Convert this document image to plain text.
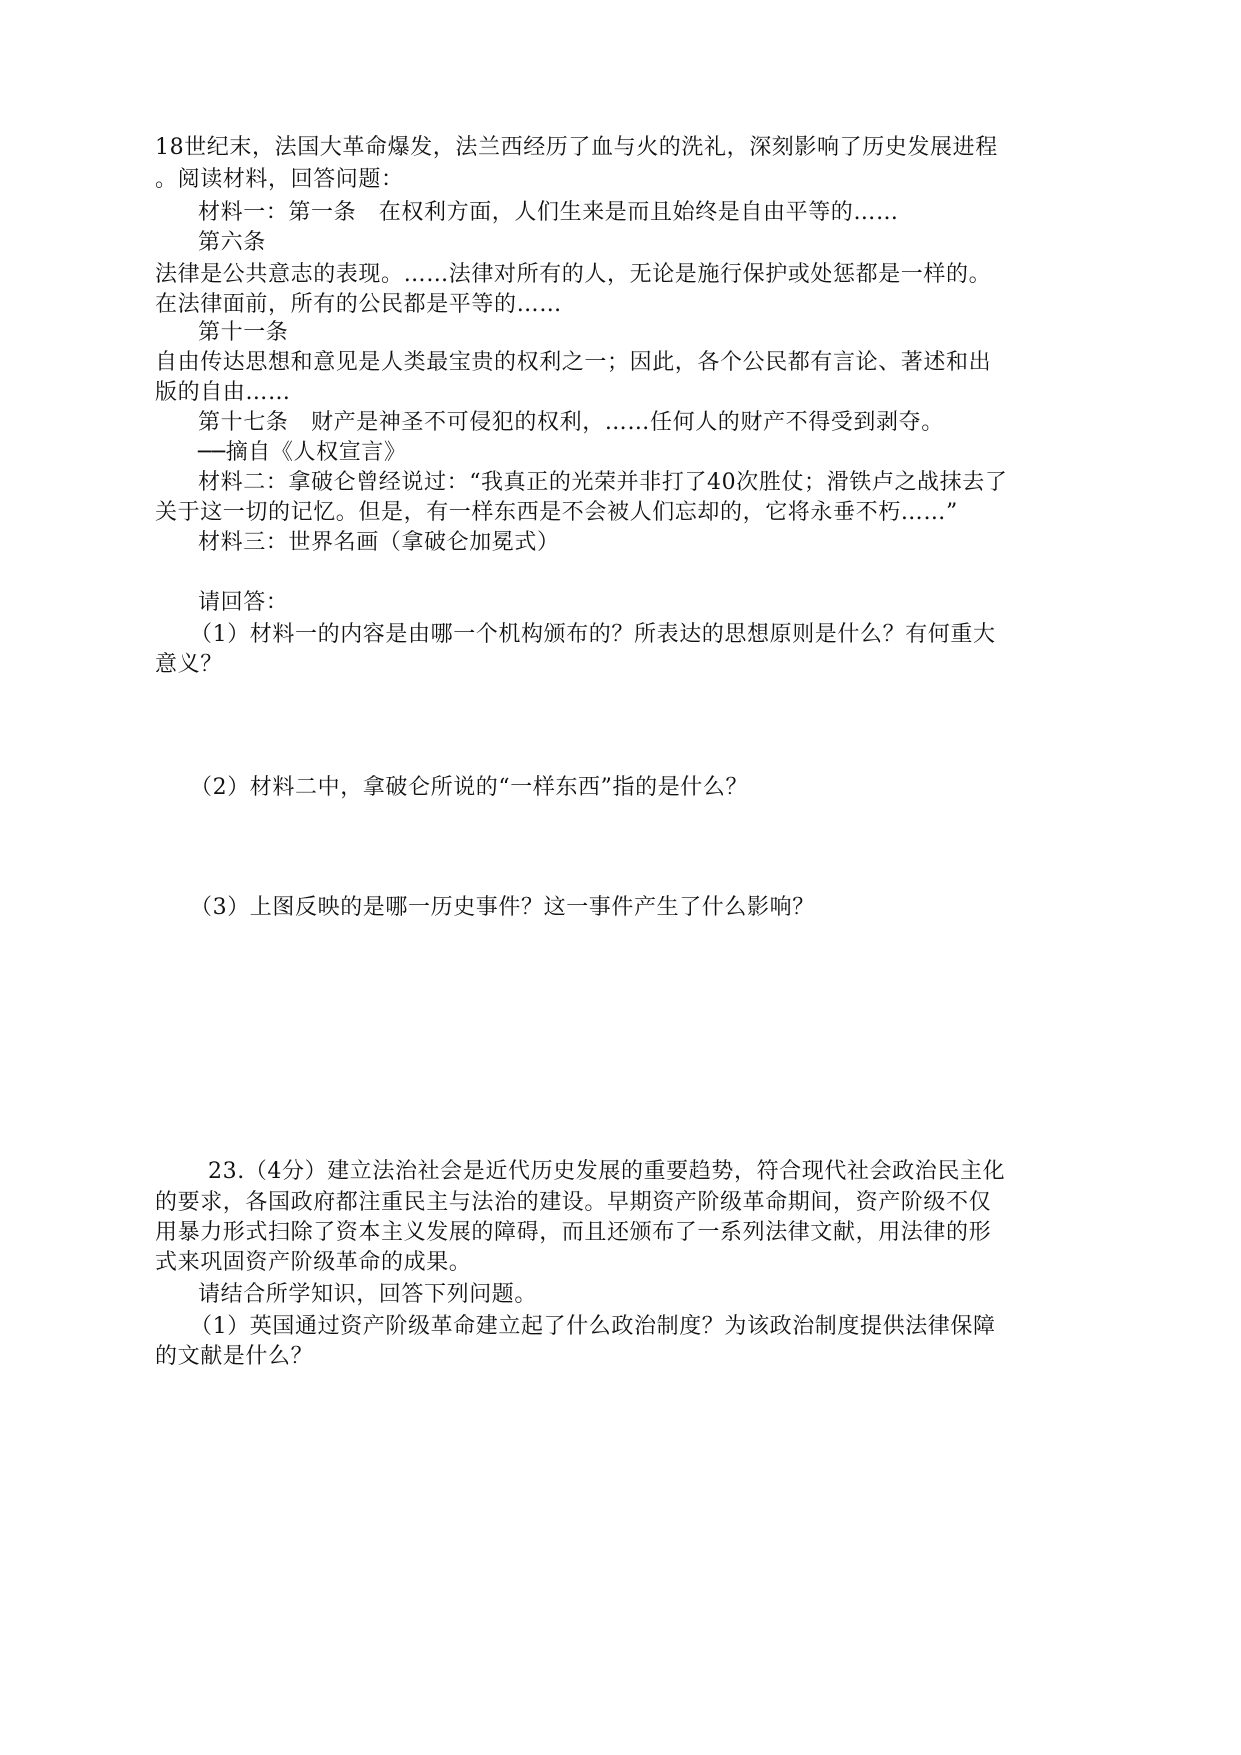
18世纪末，法国大革命爆发，法兰西经历了血与火的洗礼，深刻影响了历史发展进程
。阅读材料，回答问题：
材料一：第一条　在权利方面，人们生来是而且始终是自由平等的……
第六条
法律是公共意志的表现。……法律对所有的人，无论是施行保护或处惩都是一样的。
在法律面前，所有的公民都是平等的……
第十一条
自由传达思想和意见是人类最宝贵的权利之一；因此，各个公民都有言论、著述和出
版的自由……
第十七条　财产是神圣不可侵犯的权利，……任何人的财产不得受到剥夺。
──摘自《人权宣言》
材料二：拿破仑曾经说过：“我真正的光荣并非打了40次胜仗；滑铁卢之战抹去了
关于这一切的记忆。但是，有一样东西是不会被人们忘却的，它将永垂不朽……”
材料三：世界名画（拿破仑加冕式）
请回答：
（1）材料一的内容是由哪一个机构颁布的？所表达的思想原则是什么？有何重大
意义？
（2）材料二中，拿破仑所说的“一样东西”指的是什么？
（3）上图反映的是哪一历史事件？这一事件产生了什么影响？
23.（4分）建立法治社会是近代历史发展的重要趋势，符合现代社会政治民主化
的要求，各国政府都注重民主与法治的建设。早期资产阶级革命期间，资产阶级不仅
用暴力形式扫除了资本主义发展的障碍，而且还颁布了一系列法律文献，用法律的形
式来巩固资产阶级革命的成果。
请结合所学知识，回答下列问题。
（1）英国通过资产阶级革命建立起了什么政治制度？为该政治制度提供法律保障
的文献是什么？
